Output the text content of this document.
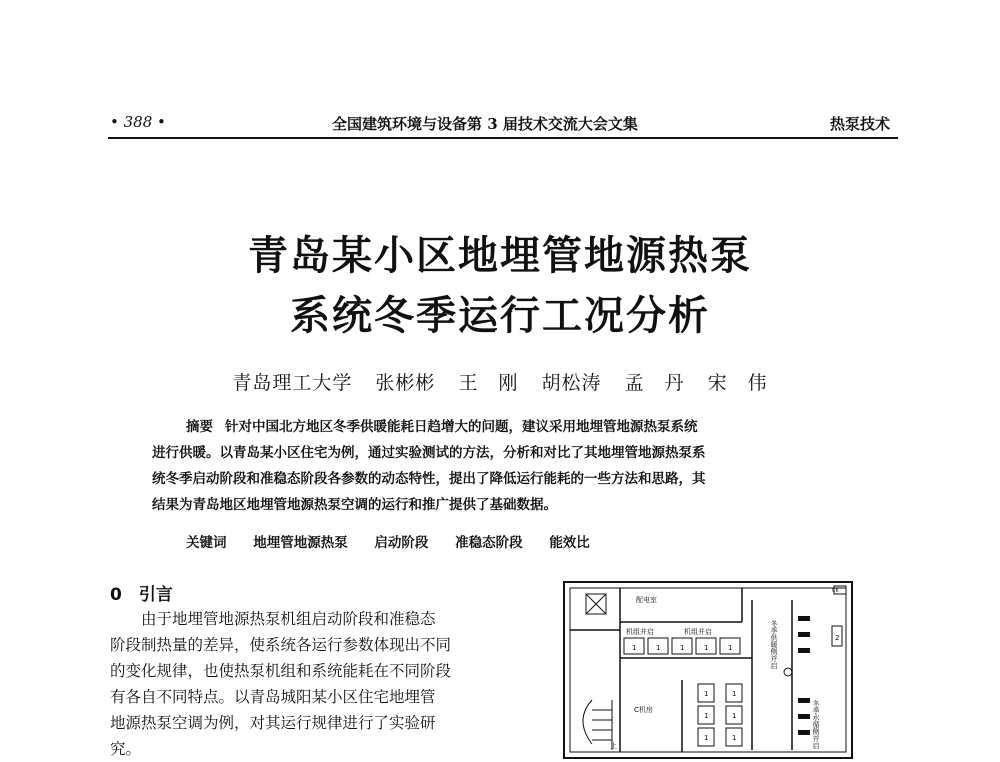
• 388 •	全国建筑环境与设备第 3 届技术交流大会文集	热泵技术
青岛某小区地埋管地源热泵
系统冬季运行工况分析
青岛理工大学 张彬彬 王　刚 胡松涛 孟　丹 宋　伟
摘要 针对中国北方地区冬季供暖能耗日趋增大的问题，建议采用地埋管地源热泵系统
进行供暖。以青岛某小区住宅为例，通过实验测试的方法，分析和对比了其地埋管地源热泵系
统冬季启动阶段和准稳态阶段各参数的动态特性，提出了降低运行能耗的一些方法和思路，其
结果为青岛地区地埋管地源热泵空调的运行和推广提供了基础数据。
关键词 地埋管地源热泵 启动阶段 准稳态阶段 能效比
0　引言
由于地埋管地源热泵机组启动阶段和准稳态
阶段制热量的差异，使系统各运行参数体现出不同
的变化规律，也使热泵机组和系统能耗在不同阶段
有各自不同特点。以青岛城阳某小区住宅地埋管
地源热泵空调为例，对其运行规律进行了实验研
究。
配电室
机组并启	机组并启
C机房
上
CK
2
1	1	1	1	1
1
1
1
1
1
1
冬季供暖侧并启
冬季水循侧并启
